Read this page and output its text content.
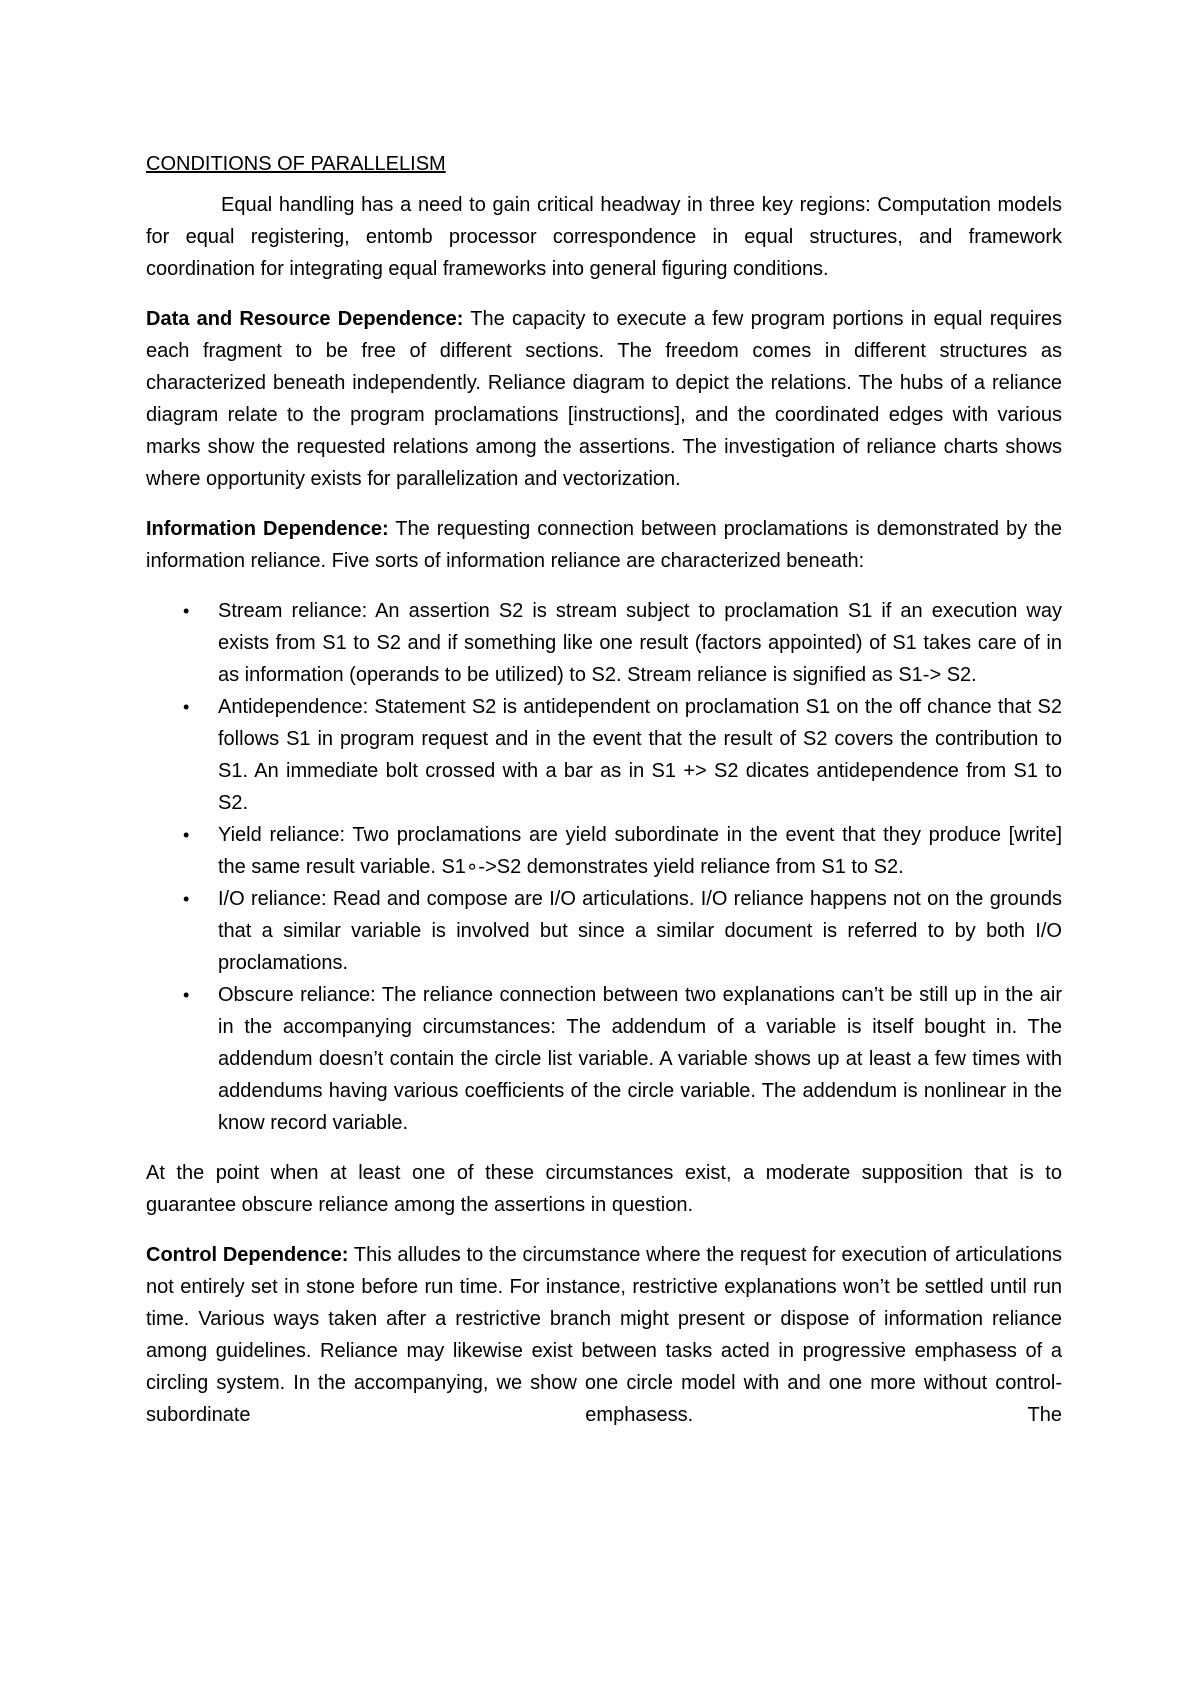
CONDITIONS OF PARALLELISM

Equal handling has a need to gain critical headway in three key regions: Computation models for equal registering, entomb processor correspondence in equal structures, and framework coordination for integrating equal frameworks into general figuring conditions.

Data and Resource Dependence: The capacity to execute a few program portions in equal requires each fragment to be free of different sections. The freedom comes in different structures as characterized beneath independently. Reliance diagram to depict the relations. The hubs of a reliance diagram relate to the program proclamations [instructions], and the coordinated edges with various marks show the requested relations among the assertions. The investigation of reliance charts shows where opportunity exists for parallelization and vectorization.

Information Dependence: The requesting connection between proclamations is demonstrated by the information reliance. Five sorts of information reliance are characterized beneath:

• Stream reliance: An assertion S2 is stream subject to proclamation S1 if an execution way exists from S1 to S2 and if something like one result (factors appointed) of S1 takes care of in as information (operands to be utilized) to S2. Stream reliance is signified as S1-> S2.
• Antidependence: Statement S2 is antidependent on proclamation S1 on the off chance that S2 follows S1 in program request and in the event that the result of S2 covers the contribution to S1. An immediate bolt crossed with a bar as in S1 +> S2 dicates antidependence from S1 to S2.
• Yield reliance: Two proclamations are yield subordinate in the event that they produce [write] the same result variable. S1∘->S2 demonstrates yield reliance from S1 to S2.
• I/O reliance: Read and compose are I/O articulations. I/O reliance happens not on the grounds that a similar variable is involved but since a similar document is referred to by both I/O proclamations.
• Obscure reliance: The reliance connection between two explanations can’t be still up in the air in the accompanying circumstances: The addendum of a variable is itself bought in. The addendum doesn’t contain the circle list variable. A variable shows up at least a few times with addendums having various coefficients of the circle variable. The addendum is nonlinear in the know record variable.

At the point when at least one of these circumstances exist, a moderate supposition that is to guarantee obscure reliance among the assertions in question.

Control Dependence: This alludes to the circumstance where the request for execution of articulations not entirely set in stone before run time. For instance, restrictive explanations won’t be settled until run time. Various ways taken after a restrictive branch might present or dispose of information reliance among guidelines. Reliance may likewise exist between tasks acted in progressive emphasess of a circling system. In the accompanying, we show one circle model with and one more without control-subordinate emphasess. The
